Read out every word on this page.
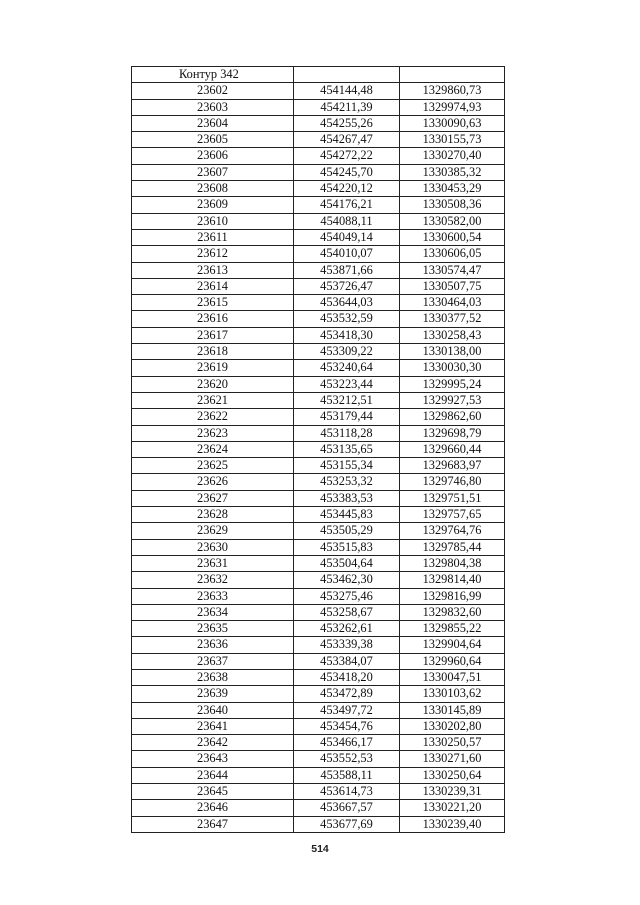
Контур 342		
23602	454144,48	1329860,73
23603	454211,39	1329974,93
23604	454255,26	1330090,63
23605	454267,47	1330155,73
23606	454272,22	1330270,40
23607	454245,70	1330385,32
23608	454220,12	1330453,29
23609	454176,21	1330508,36
23610	454088,11	1330582,00
23611	454049,14	1330600,54
23612	454010,07	1330606,05
23613	453871,66	1330574,47
23614	453726,47	1330507,75
23615	453644,03	1330464,03
23616	453532,59	1330377,52
23617	453418,30	1330258,43
23618	453309,22	1330138,00
23619	453240,64	1330030,30
23620	453223,44	1329995,24
23621	453212,51	1329927,53
23622	453179,44	1329862,60
23623	453118,28	1329698,79
23624	453135,65	1329660,44
23625	453155,34	1329683,97
23626	453253,32	1329746,80
23627	453383,53	1329751,51
23628	453445,83	1329757,65
23629	453505,29	1329764,76
23630	453515,83	1329785,44
23631	453504,64	1329804,38
23632	453462,30	1329814,40
23633	453275,46	1329816,99
23634	453258,67	1329832,60
23635	453262,61	1329855,22
23636	453339,38	1329904,64
23637	453384,07	1329960,64
23638	453418,20	1330047,51
23639	453472,89	1330103,62
23640	453497,72	1330145,89
23641	453454,76	1330202,80
23642	453466,17	1330250,57
23643	453552,53	1330271,60
23644	453588,11	1330250,64
23645	453614,73	1330239,31
23646	453667,57	1330221,20
23647	453677,69	1330239,40
514
